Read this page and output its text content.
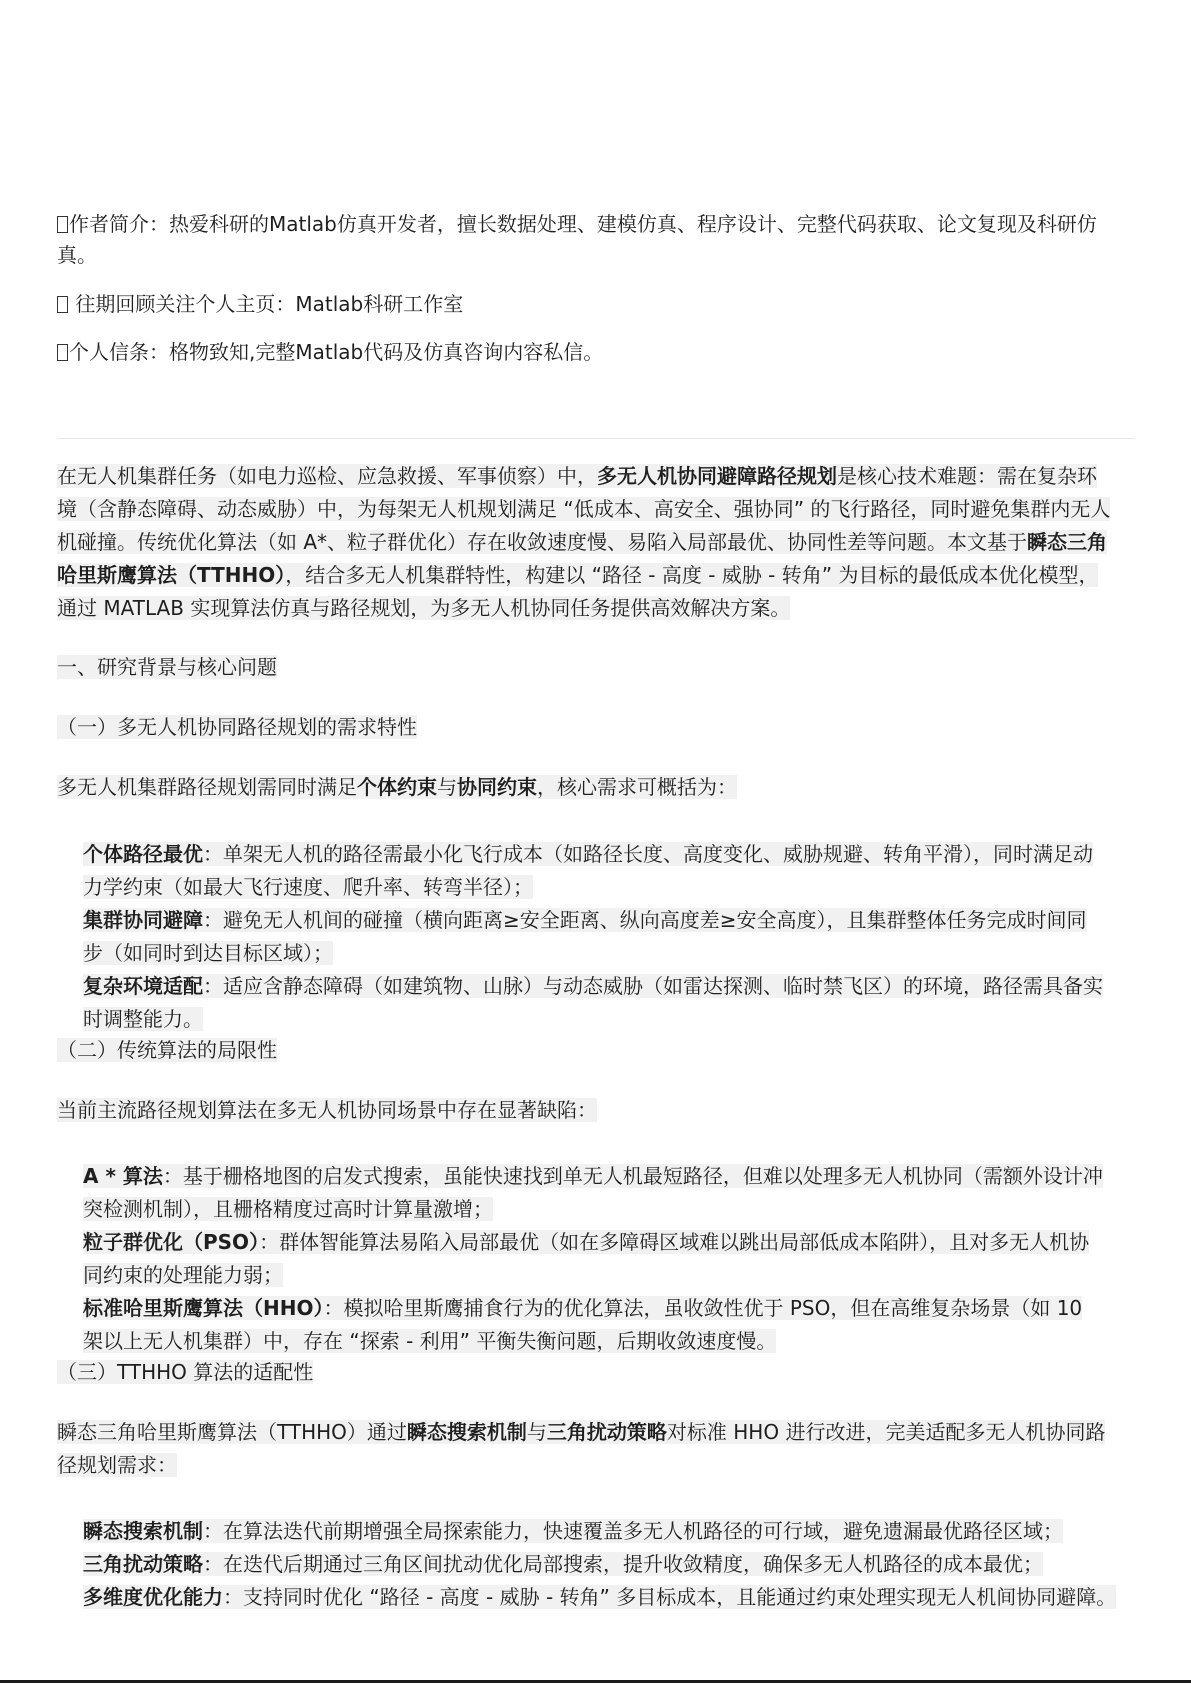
作者简介：热爱科研的Matlab仿真开发者，擅长数据处理、建模仿真、程序设计、完整代码获取、论文复现及科研仿
真。
往期回顾关注个人主页：Matlab科研工作室
个人信条：格物致知,完整Matlab代码及仿真咨询内容私信。
在无人机集群任务（如电力巡检、应急救援、军事侦察）中，多无人机协同避障路径规划是核心技术难题：需在复杂环
境（含静态障碍、动态威胁）中，为每架无人机规划满足 “低成本、高安全、强协同” 的飞行路径，同时避免集群内无人
机碰撞。传统优化算法（如 A*、粒子群优化）存在收敛速度慢、易陷入局部最优、协同性差等问题。本文基于瞬态三角
哈里斯鹰算法（TTHHO），结合多无人机集群特性，构建以 “路径 - 高度 - 威胁 - 转角” 为目标的最低成本优化模型，
通过 MATLAB 实现算法仿真与路径规划，为多无人机协同任务提供高效解决方案。
一、研究背景与核心问题
（一）多无人机协同路径规划的需求特性
多无人机集群路径规划需同时满足个体约束与协同约束，核心需求可概括为：
个体路径最优：单架无人机的路径需最小化飞行成本（如路径长度、高度变化、威胁规避、转角平滑），同时满足动
力学约束（如最大飞行速度、爬升率、转弯半径）；
集群协同避障：避免无人机间的碰撞（横向距离≥安全距离、纵向高度差≥安全高度），且集群整体任务完成时间同
步（如同时到达目标区域）；
复杂环境适配：适应含静态障碍（如建筑物、山脉）与动态威胁（如雷达探测、临时禁飞区）的环境，路径需具备实
时调整能力。
（二）传统算法的局限性
当前主流路径规划算法在多无人机协同场景中存在显著缺陷：
A * 算法：基于栅格地图的启发式搜索，虽能快速找到单无人机最短路径，但难以处理多无人机协同（需额外设计冲
突检测机制），且栅格精度过高时计算量激增；
粒子群优化（PSO）：群体智能算法易陷入局部最优（如在多障碍区域难以跳出局部低成本陷阱），且对多无人机协
同约束的处理能力弱；
标准哈里斯鹰算法（HHO）：模拟哈里斯鹰捕食行为的优化算法，虽收敛性优于 PSO，但在高维复杂场景（如 10
架以上无人机集群）中，存在 “探索 - 利用” 平衡失衡问题，后期收敛速度慢。
（三）TTHHO 算法的适配性
瞬态三角哈里斯鹰算法（TTHHO）通过瞬态搜索机制与三角扰动策略对标准 HHO 进行改进，完美适配多无人机协同路
径规划需求：
瞬态搜索机制：在算法迭代前期增强全局探索能力，快速覆盖多无人机路径的可行域，避免遗漏最优路径区域；
三角扰动策略：在迭代后期通过三角区间扰动优化局部搜索，提升收敛精度，确保多无人机路径的成本最优；
多维度优化能力：支持同时优化 “路径 - 高度 - 威胁 - 转角” 多目标成本，且能通过约束处理实现无人机间协同避障。
